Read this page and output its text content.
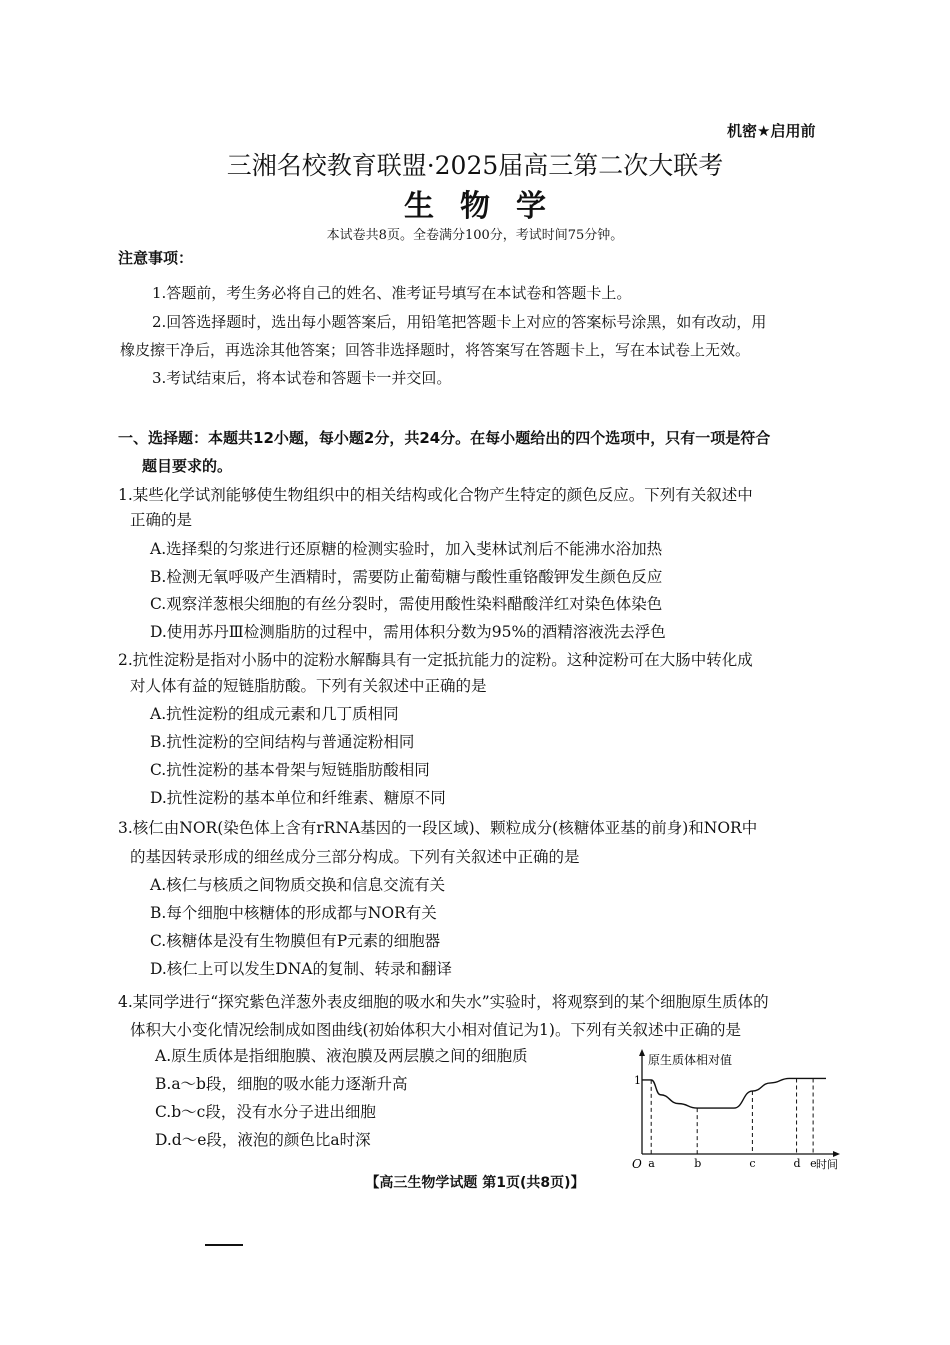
机密★启用前
三湘名校教育联盟·2025届高三第二次大联考
生物学
本试卷共8页。全卷满分100分，考试时间75分钟。
注意事项：
1.答题前，考生务必将自己的姓名、准考证号填写在本试卷和答题卡上。
2.回答选择题时，选出每小题答案后，用铅笔把答题卡上对应的答案标号涂黑，如有改动，用
橡皮擦干净后，再选涂其他答案；回答非选择题时，将答案写在答题卡上，写在本试卷上无效。
3.考试结束后，将本试卷和答题卡一并交回。
一、选择题：本题共12小题，每小题2分，共24分。在每小题给出的四个选项中，只有一项是符合
题目要求的。
1.某些化学试剂能够使生物组织中的相关结构或化合物产生特定的颜色反应。下列有关叙述中
正确的是
A.选择梨的匀浆进行还原糖的检测实验时，加入斐林试剂后不能沸水浴加热
B.检测无氧呼吸产生酒精时，需要防止葡萄糖与酸性重铬酸钾发生颜色反应
C.观察洋葱根尖细胞的有丝分裂时，需使用酸性染料醋酸洋红对染色体染色
D.使用苏丹Ⅲ检测脂肪的过程中，需用体积分数为95%的酒精溶液洗去浮色
2.抗性淀粉是指对小肠中的淀粉水解酶具有一定抵抗能力的淀粉。这种淀粉可在大肠中转化成
对人体有益的短链脂肪酸。下列有关叙述中正确的是
A.抗性淀粉的组成元素和几丁质相同
B.抗性淀粉的空间结构与普通淀粉相同
C.抗性淀粉的基本骨架与短链脂肪酸相同
D.抗性淀粉的基本单位和纤维素、糖原不同
3.核仁由NOR(染色体上含有rRNA基因的一段区域)、颗粒成分(核糖体亚基的前身)和NOR中
的基因转录形成的细丝成分三部分构成。下列有关叙述中正确的是
A.核仁与核质之间物质交换和信息交流有关
B.每个细胞中核糖体的形成都与NOR有关
C.核糖体是没有生物膜但有P元素的细胞器
D.核仁上可以发生DNA的复制、转录和翻译
4.某同学进行“探究紫色洋葱外表皮细胞的吸水和失水”实验时，将观察到的某个细胞原生质体的
体积大小变化情况绘制成如图曲线(初始体积大小相对值记为1)。下列有关叙述中正确的是
A.原生质体是指细胞膜、液泡膜及两层膜之间的细胞质
B.a～b段，细胞的吸水能力逐渐升高
C.b～c段，没有水分子进出细胞
D.d～e段，液泡的颜色比a时深
原生质体相对值
1
O	时间
a	b	c	d e
【高三生物学试题 第1页(共8页)】
